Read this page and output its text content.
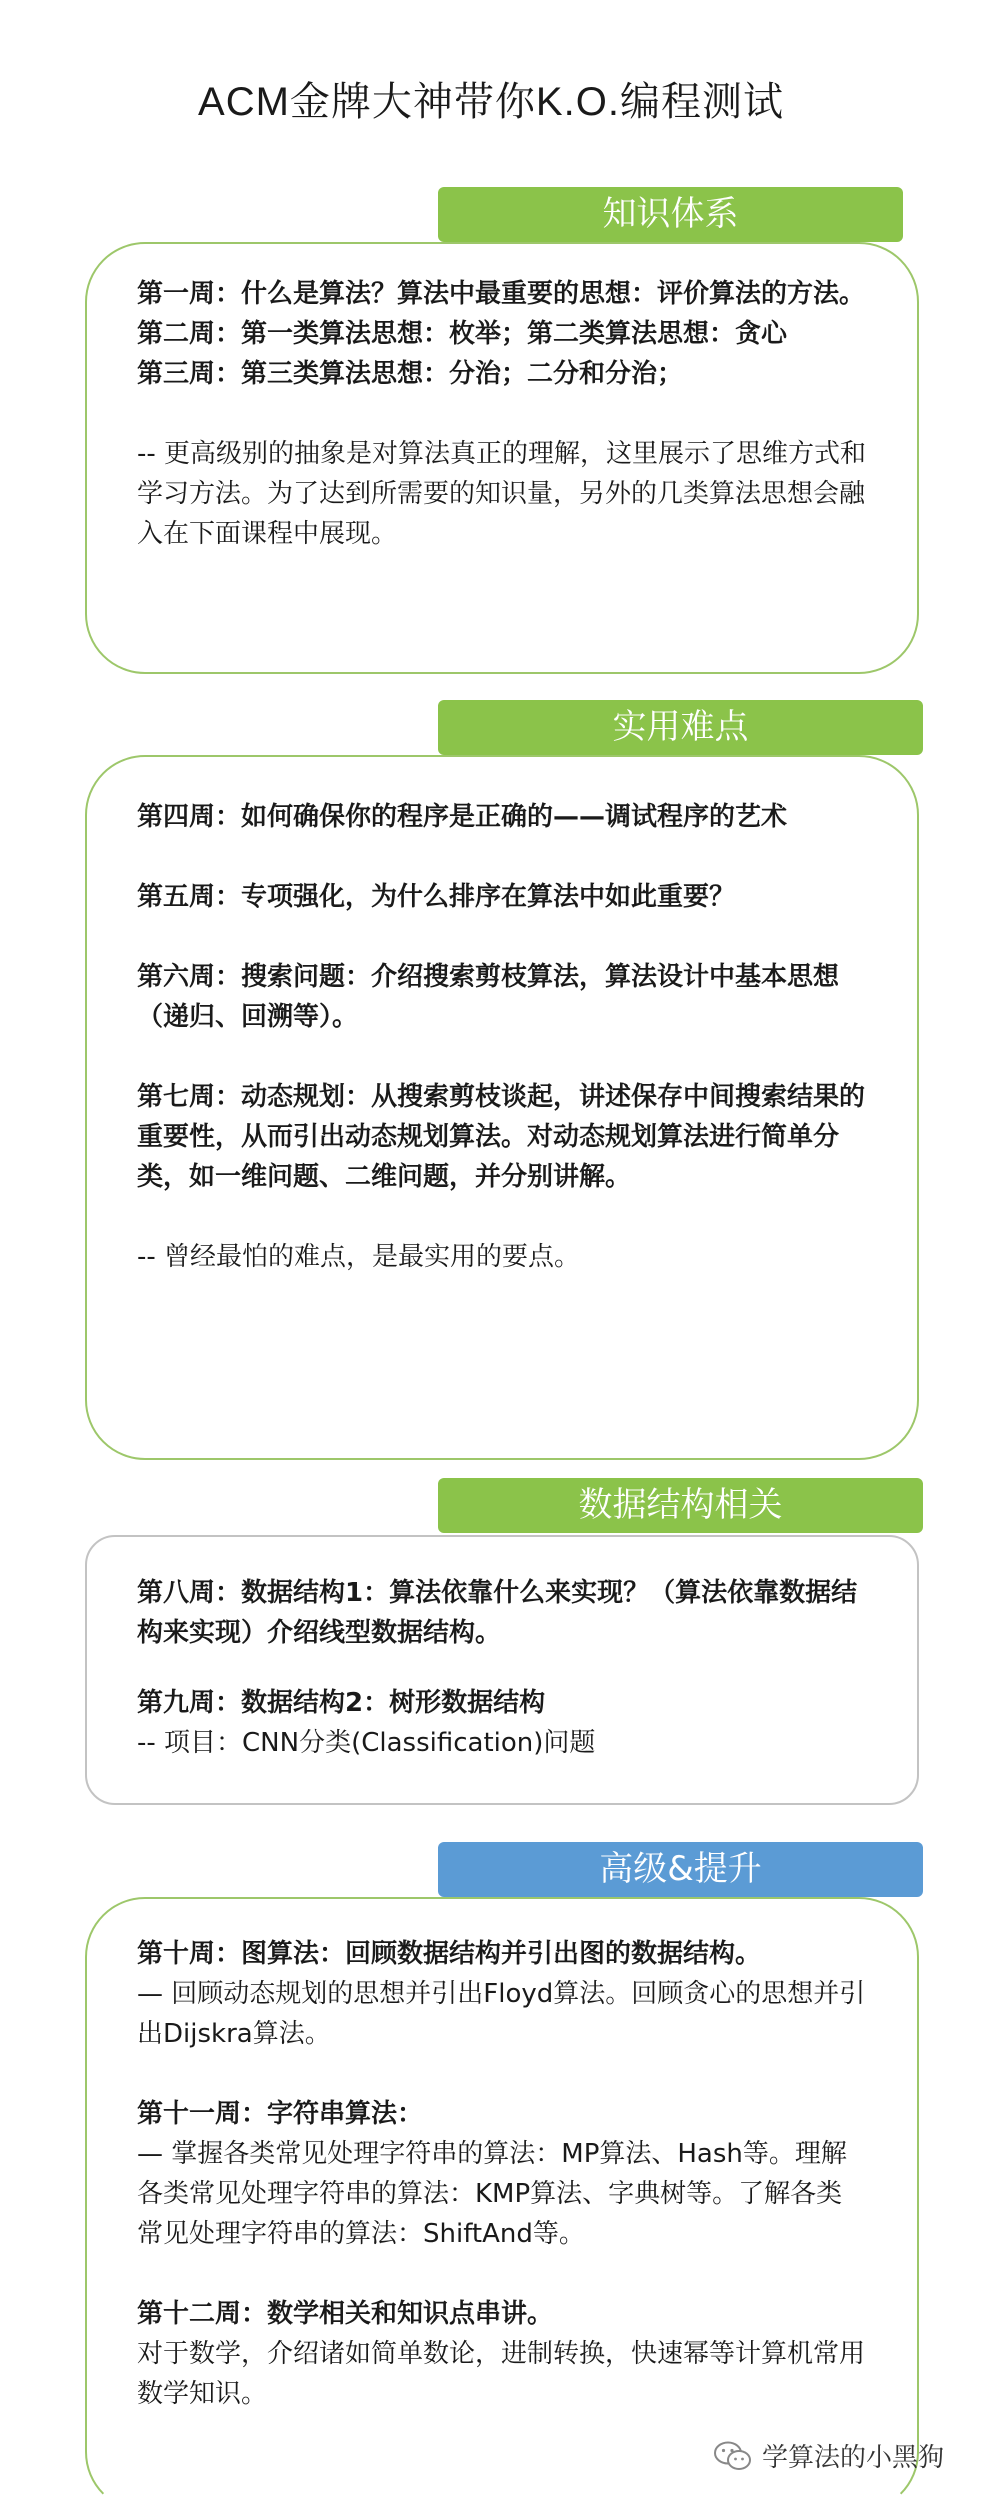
ACM金牌大神带你K.O.编程测试
知识体系

第一周：什么是算法？算法中最重要的思想：评价算法的方法。

第二周：第一类算法思想：枚举；第二类算法思想：贪心

第三周：第三类算法思想：分治；二分和分治；

-- 更高级别的抽象是对算法真正的理解，这里展示了思维方式和学习方法。为了达到所需要的知识量，另外的几类算法思想会融入在下面课程中展现。

实用难点

第四周：如何确保你的程序是正确的——调试程序的艺术

第五周：专项强化，为什么排序在算法中如此重要？

第六周：搜索问题：介绍搜索剪枝算法，算法设计中基本思想（递归、回溯等）。

第七周：动态规划：从搜索剪枝谈起，讲述保存中间搜索结果的重要性，从而引出动态规划算法。对动态规划算法进行简单分类，如一维问题、二维问题，并分别讲解。

-- 曾经最怕的难点，是最实用的要点。

数据结构相关

第八周：数据结构1：算法依靠什么来实现？（算法依靠数据结构来实现）介绍线型数据结构。

第九周：数据结构2：树形数据结构

-- 项目：CNN分类(Classification)问题

高级&提升

第十周：图算法：回顾数据结构并引出图的数据结构。

— 回顾动态规划的思想并引出Floyd算法。回顾贪心的思想并引出Dijskra算法。

第十一周：字符串算法：

— 掌握各类常见处理字符串的算法：MP算法、Hash等。理解各类常见处理字符串的算法：KMP算法、字典树等。了解各类常见处理字符串的算法：ShiftAnd等。

第十二周：数学相关和知识点串讲。

对于数学，介绍诸如简单数论，进制转换，快速幂等计算机常用数学知识。

学算法的小黑狗
